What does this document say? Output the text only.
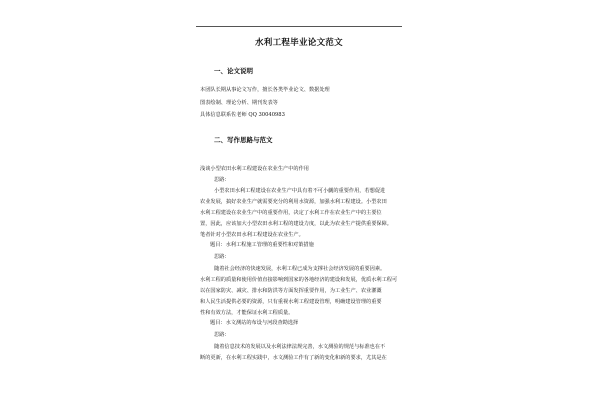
水利工程毕业论文范文
一、论文说明
本团队长期从事论文写作，擅长各类毕业论文、数据处理
图表绘制、理论分析、期刊发表等
具体信息联系佐老师 QQ 30040983
二、写作思路与范文
浅谈小型农田水利工程建设在农业生产中的作用
思路：
小型农田水利工程建设在农业生产中具有着不可小觑的重要作用，若想促进
农业发展，搞好农业生产就需要充分的利用水资源，加强水利工程建设。小型农田
水利工程建设在农业生产中的重要作用，决定了水利工作在农业生产中的主要位
置，因此，应该加大小型农田水利工程的建设力度，以此为农业生产提供重要保障。
笔者针对小型农田水利工程建设在农业生产。
题目：水利工程施工管理的重要性和对策措施
思路：
随着社会经济的快速发展，水利工程已成为支撑社会经济发展的重要因素。
水利工程的质量和使用价值直接影响到国家的各地经济的建设和发展，优质水利工程可
以在国家防灾、减灾、排水和防洪等方面发挥重要作用，为工业生产、农业灌溉
和人民生活提供必要的资源，只有重视水利工程建设管理，明确建设管理的重要
性和有效方法，才能保证水利工程质量。
题目：水文测站的布设与河段查勘选择
思路：
随着信息技术的发展以及水利法律法规完善，水文测验的规范与标准也在不
断的更新，在水利工程实践中，水文测验工作有了新的变化和新的要求，尤其是在
